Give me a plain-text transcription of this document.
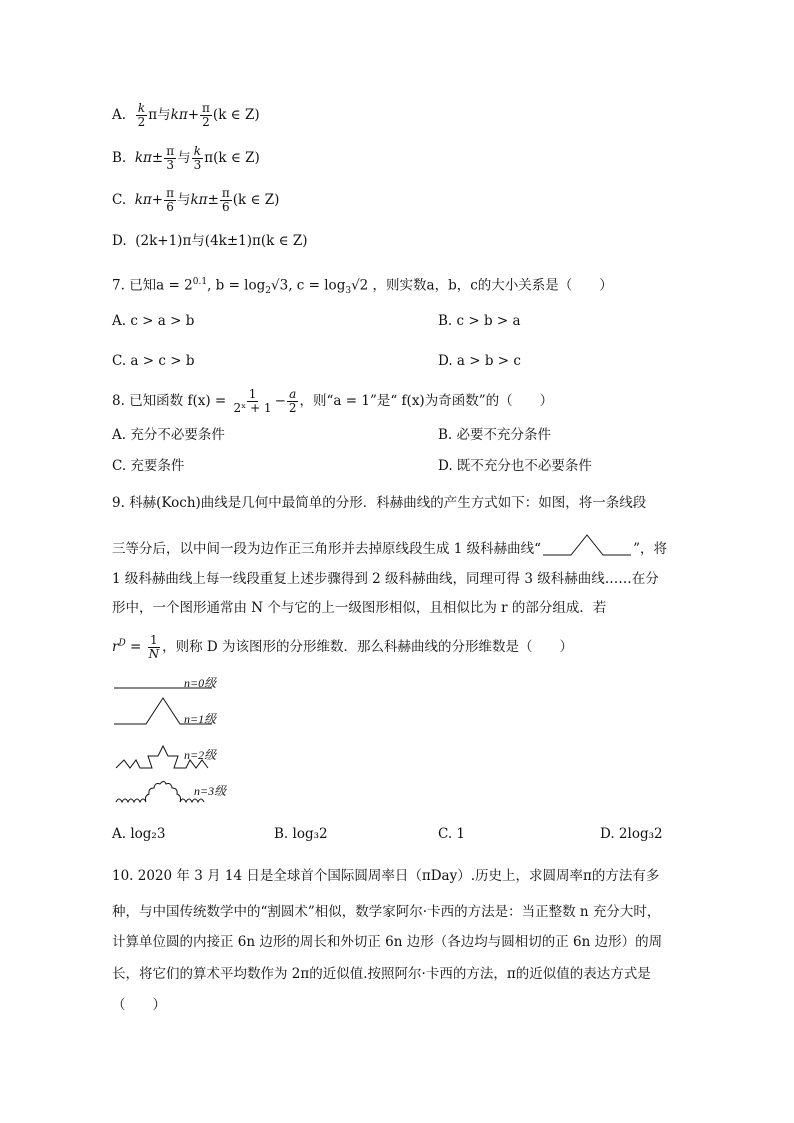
A. $\frac{k}{2}$ π与$k\pi+ \frac{\pi}{2} (k$ ∈ Z)
B. $k\pi\pm \frac{\pi}{3}$ 与 $\frac{k}{3} \pi(k$ ∈ Z)
C. $k\pi+ \frac{\pi}{6}$ 与$k\pi\pm \frac{\pi}{6} (k$ ∈ Z)
D. (2k+1)π与(4k±1)π(k ∈ Z)
7. 已知$a = 2^{0.1}$, $b = \log_2√3$, $c = \log_3√2$ ，则实数a，b，c的大小关系是（　　）
A. c > a > b	B. c > b > a
C. a > c > b	D. a > b > c
8. 已知函数 $f(x) = \frac{1}{\text{2ˣ + 1}} - \frac{a}{2}$ ，则“a = 1”是“ f(x)为奇函数”的（　　）
A. 充分不必要条件	B. 必要不充分条件
C. 充要条件	D. 既不充分也不必要条件
9. 科赫(Koch)曲线是几何中最简单的分形．科赫曲线的产生方式如下：如图，将一条线段
三等分后，以中间一段为边作正三角形并去掉原线段生成 1 级科赫曲线“	”，将
1 级科赫曲线上每一线段重复上述步骤得到 2 级科赫曲线，同理可得 3 级科赫曲线……在分
形中，一个图形通常由 N 个与它的上一级图形相似，且相似比为 r 的部分组成．若
$r^D = \frac{1}{N}$ ，则称 D 为该图形的分形维数．那么科赫曲线的分形维数是（　　）
n=0级
n=1级
n=2级
n=3级
A. log₂3	B. log₃2	C. 1	D. 2log₃2
10. 2020 年 3 月 14 日是全球首个国际圆周率日（πDay）.历史上，求圆周率π的方法有多
种，与中国传统数学中的“割圆术”相似，数学家阿尔·卡西的方法是：当正整数 n 充分大时，
计算单位圆的内接正 6n 边形的周长和外切正 6n 边形（各边均与圆相切的正 6n 边形）的周
长，将它们的算术平均数作为 2π的近似值.按照阿尔·卡西的方法，π的近似值的表达方式是
（　　）
